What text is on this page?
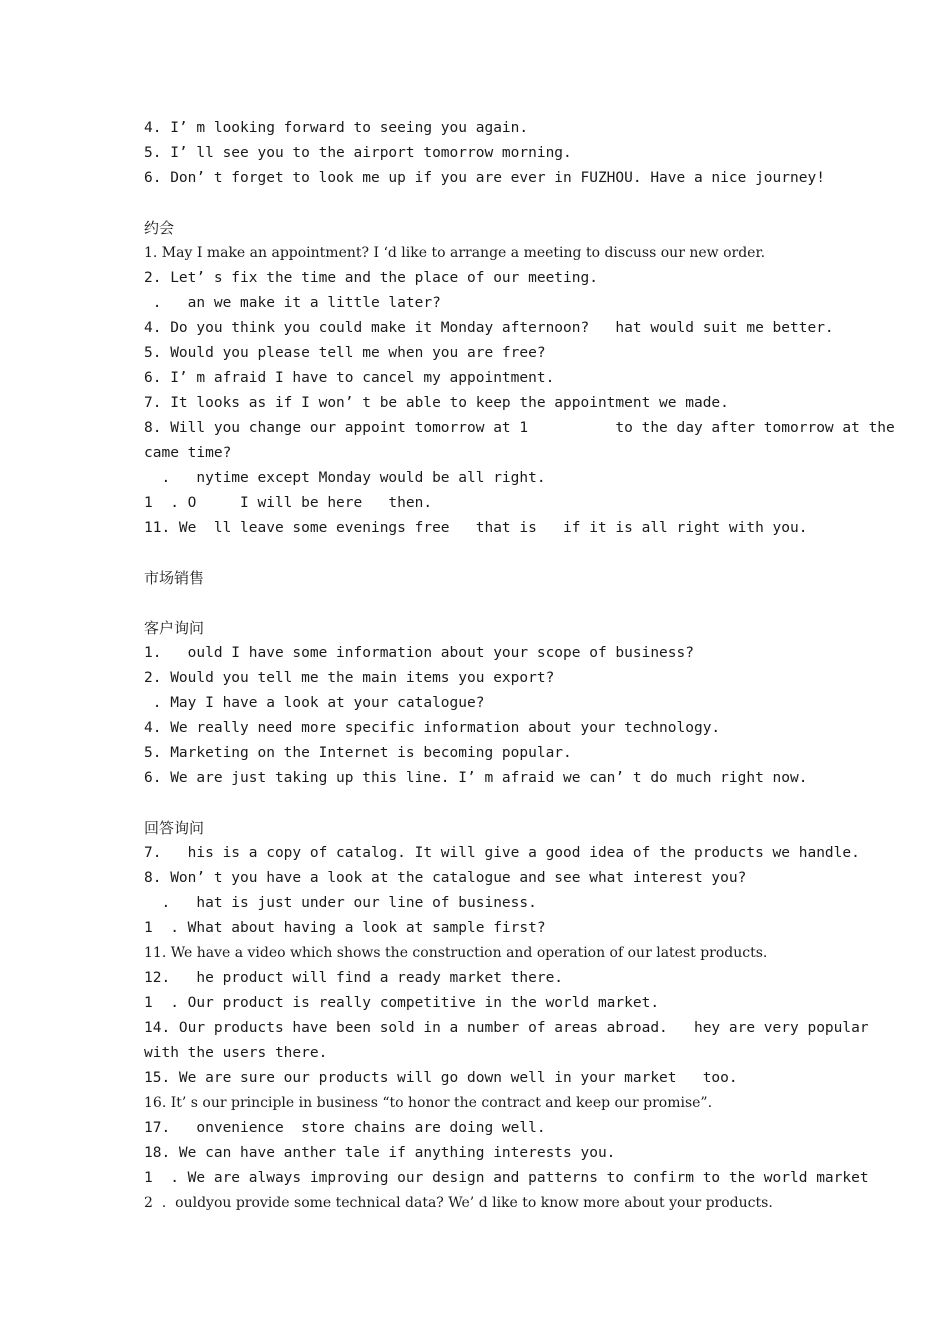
4. I’ m looking forward to seeing you again.
5. I’ ll see you to the airport tomorrow morning.
6. Don’ t forget to look me up if you are ever in FUZHOU. Have a nice journey!
约会
1. May I make an appointment? I ‘d like to arrange a meeting to discuss our new order.
2. Let’ s fix the time and the place of our meeting.
.   an we make it a little later?
4. Do you think you could make it Monday afternoon?   hat would suit me better.
5. Would you please tell me when you are free?
6. I’ m afraid I have to cancel my appointment.
7. It looks as if I won’ t be able to keep the appointment we made.
8. Will you change our appoint tomorrow at 1          to the day after tomorrow at the
came time?
.   nytime except Monday would be all right.
1  . O     I will be here   then.
11. We  ll leave some evenings free   that is   if it is all right with you.
市场销售
客户询问
1.   ould I have some information about your scope of business?
2. Would you tell me the main items you export?
. May I have a look at your catalogue?
4. We really need more specific information about your technology.
5. Marketing on the Internet is becoming popular.
6. We are just taking up this line. I’ m afraid we can’ t do much right now.
回答询问
7.   his is a copy of catalog. It will give a good idea of the products we handle.
8. Won’ t you have a look at the catalogue and see what interest you?
.   hat is just under our line of business.
1  . What about having a look at sample first?
11. We have a video which shows the construction and operation of our latest products.
12.   he product will find a ready market there.
1  . Our product is really competitive in the world market.
14. Our products have been sold in a number of areas abroad.   hey are very popular
with the users there.
15. We are sure our products will go down well in your market   too.
16. It’ s our principle in business “to honor the contract and keep our promise”.
17.   onvenience  store chains are doing well.
18. We can have anther tale if anything interests you.
1  . We are always improving our design and patterns to confirm to the world market
2  .  ouldyou provide some technical data? We’ d like to know more about your products.
